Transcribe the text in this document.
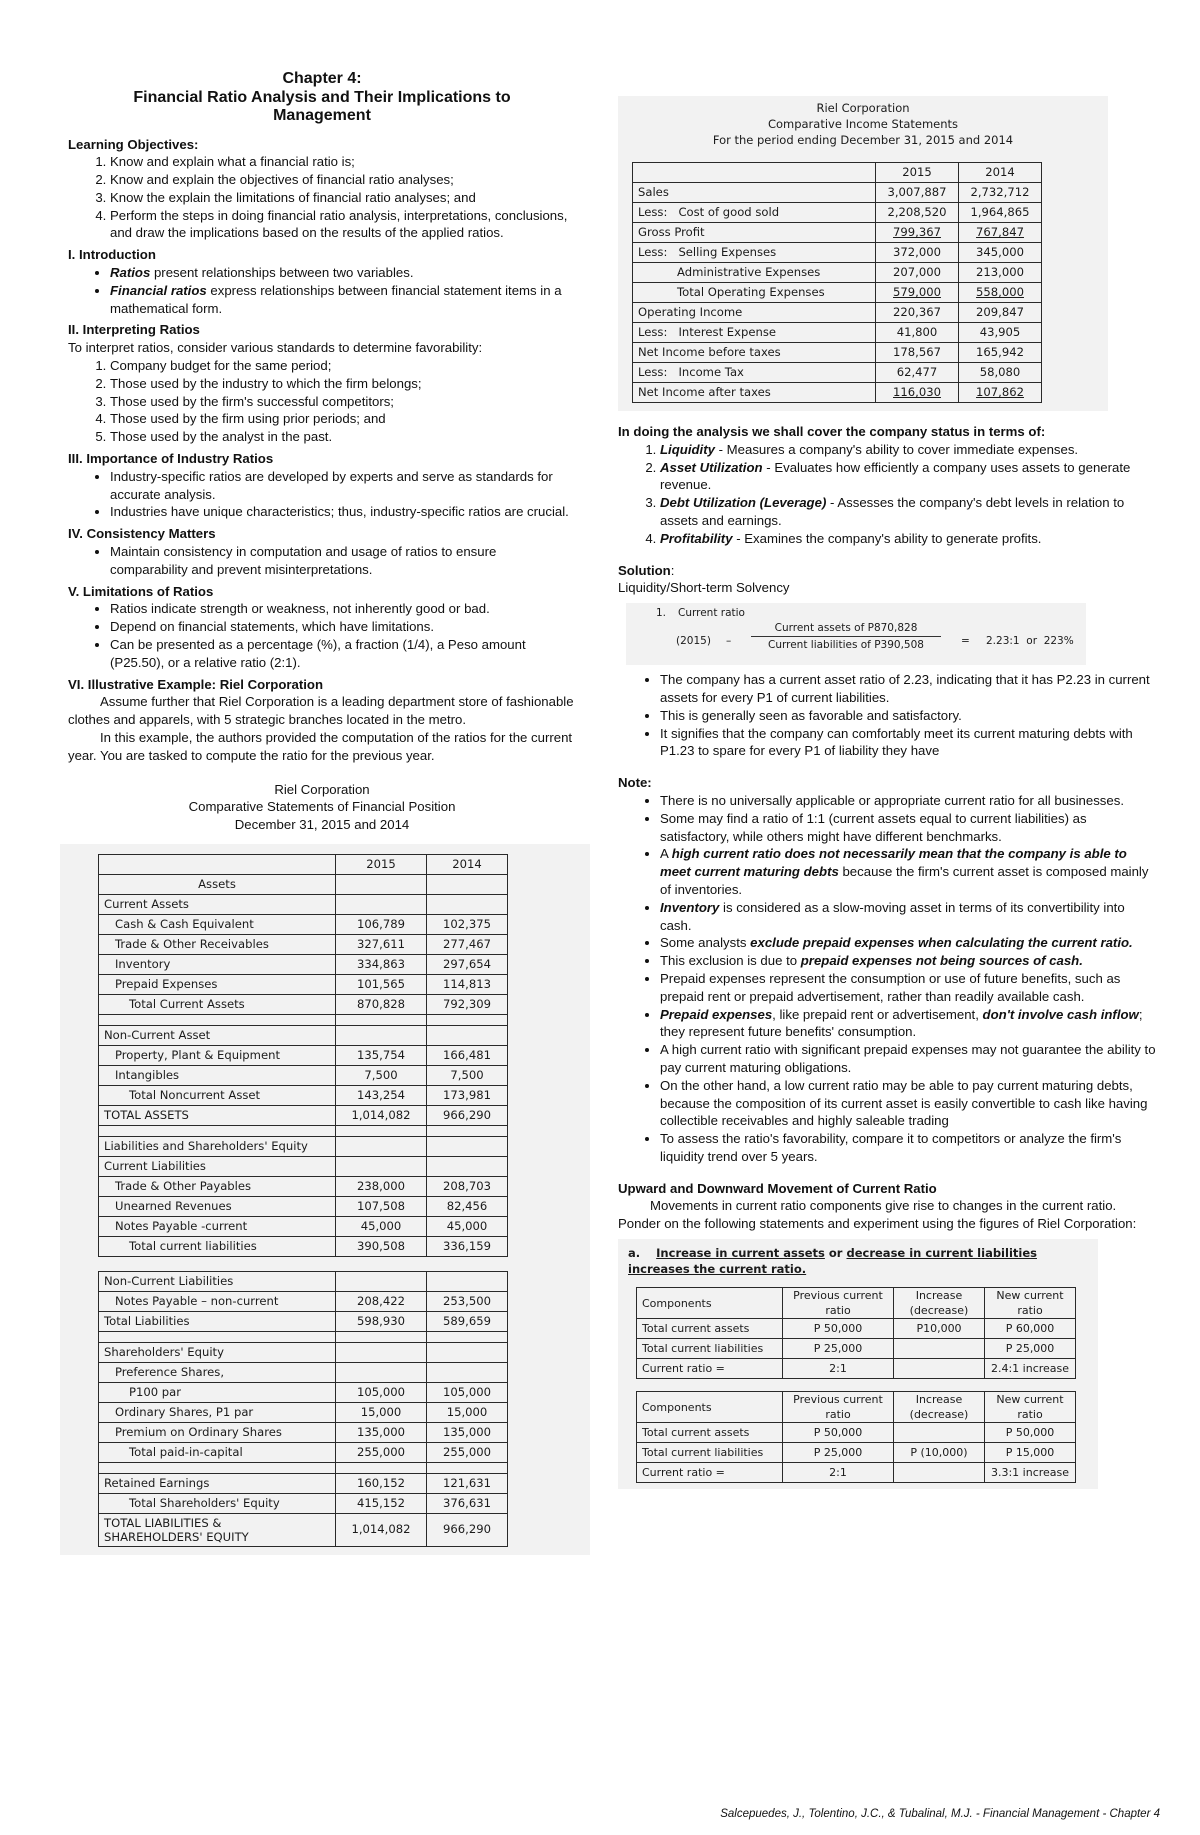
Chapter 4:
Financial Ratio Analysis and Their Implications to Management
Learning Objectives:
1. Know and explain what a financial ratio is;
2. Know and explain the objectives of financial ratio analyses;
3. Know the explain the limitations of financial ratio analyses; and
4. Perform the steps in doing financial ratio analysis, interpretations, conclusions, and draw the implications based on the results of the applied ratios.
I. Introduction
• Ratios present relationships between two variables.
• Financial ratios express relationships between financial statement items in a mathematical form.
II. Interpreting Ratios

To interpret ratios, consider various standards to determine favorability:

1. Company budget for the same period;
2. Those used by the industry to which the firm belongs;
3. Those used by the firm's successful competitors;
4. Those used by the firm using prior periods; and
5. Those used by the analyst in the past.
III. Importance of Industry Ratios
• Industry-specific ratios are developed by experts and serve as standards for accurate analysis.
• Industries have unique characteristics; thus, industry-specific ratios are crucial.
IV. Consistency Matters
• Maintain consistency in computation and usage of ratios to ensure comparability and prevent misinterpretations.
V. Limitations of Ratios
• Ratios indicate strength or weakness, not inherently good or bad.
• Depend on financial statements, which have limitations.
• Can be presented as a percentage (%), a fraction (1/4), a Peso amount (P25.50), or a relative ratio (2:1).
VI. Illustrative Example: Riel Corporation

Assume further that Riel Corporation is a leading department store of fashionable clothes and apparels, with 5 strategic branches located in the metro.

In this example, the authors provided the computation of the ratios for the current year. You are tasked to compute the ratio for the previous year.

Riel Corporation
Comparative Statements of Financial Position
December 31, 2015 and 2014
	2015	2014
Assets		
Current Assets		
Cash & Cash Equivalent	106,789	102,375
Trade & Other Receivables	327,611	277,467
Inventory	334,863	297,654
Prepaid Expenses	101,565	114,813
Total Current Assets	870,828	792,309

Non-Current Asset		
Property, Plant & Equipment	135,754	166,481
Intangibles	7,500	7,500
Total Noncurrent Asset	143,254	173,981
TOTAL ASSETS	1,014,082	966,290

Liabilities and Shareholders' Equity		
Current Liabilities		
Trade & Other Payables	238,000	208,703
Unearned Revenues	107,508	82,456
Notes Payable -current	45,000	45,000
Total current liabilities	390,508	336,159
Non-Current Liabilities		
Notes Payable – non-current	208,422	253,500
Total Liabilities	598,930	589,659

Shareholders' Equity		
Preference Shares,		
P100 par	105,000	105,000
Ordinary Shares, P1 par	15,000	15,000
Premium on Ordinary Shares	135,000	135,000
Total paid-in-capital	255,000	255,000

Retained Earnings	160,152	121,631
Total Shareholders' Equity	415,152	376,631

TOTAL LIABILITIES &
SHAREHOLDERS' EQUITY	1,014,082	966,290
Riel Corporation
Comparative Income Statements
For the period ending December 31, 2015 and 2014
	2015	2014
Sales	3,007,887	2,732,712
Less: Cost of good sold	2,208,520	1,964,865
Gross Profit	799,367	767,847
Less: Selling Expenses	372,000	345,000
Administrative Expenses	207,000	213,000
Total Operating Expenses	579,000	558,000
Operating Income	220,367	209,847
Less: Interest Expense	41,800	43,905
Net Income before taxes	178,567	165,942
Less: Income Tax	62,477	58,080
Net Income after taxes	116,030	107,862
In doing the analysis we shall cover the company status in terms of:
1. Liquidity - Measures a company's ability to cover immediate expenses.
2. Asset Utilization - Evaluates how efficiently a company uses assets to generate revenue.
3. Debt Utilization (Leverage) - Assesses the company's debt levels in relation to assets and earnings.
4. Profitability - Examines the company's ability to generate profits.
Solution:
Liquidity/Short-term Solvency
1. Current ratio
(2015) –
Current assets of P870,828
Current liabilities of P390,508	= 2.23:1  or  223%
• The company has a current asset ratio of 2.23, indicating that it has P2.23 in current assets for every P1 of current liabilities.
• This is generally seen as favorable and satisfactory.
• It signifies that the company can comfortably meet its current maturing debts with P1.23 to spare for every P1 of liability they have
Note:
• There is no universally applicable or appropriate current ratio for all businesses.
• Some may find a ratio of 1:1 (current assets equal to current liabilities) as satisfactory, while others might have different benchmarks.
• A high current ratio does not necessarily mean that the company is able to meet current maturing debts because the firm's current asset is composed mainly of inventories.
• Inventory is considered as a slow-moving asset in terms of its convertibility into cash.
• Some analysts exclude prepaid expenses when calculating the current ratio.
• This exclusion is due to prepaid expenses not being sources of cash.
• Prepaid expenses represent the consumption or use of future benefits, such as prepaid rent or prepaid advertisement, rather than readily available cash.
• Prepaid expenses, like prepaid rent or advertisement, don't involve cash inflow; they represent future benefits' consumption.
• A high current ratio with significant prepaid expenses may not guarantee the ability to pay current maturing obligations.
• On the other hand, a low current ratio may be able to pay current maturing debts, because the composition of its current asset is easily convertible to cash like having collectible receivables and highly saleable trading
• To assess the ratio's favorability, compare it to competitors or analyze the firm's liquidity trend over 5 years.
Upward and Downward Movement of Current Ratio

Movements in current ratio components give rise to changes in the current ratio. Ponder on the following statements and experiment using the figures of Riel Corporation:

a. Increase in current assets or decrease in current liabilities increases the current ratio.
Components	Previous current ratio	Increase (decrease)	New current ratio
Total current assets	P 50,000	P10,000	P 60,000
Total current liabilities	P 25,000		P 25,000
Current ratio =	2:1		2.4:1 increase
Components	Previous current ratio	Increase (decrease)	New current ratio
Total current assets	P 50,000		P 50,000
Total current liabilities	P 25,000	P (10,000)	P 15,000
Current ratio =	2:1		3.3:1 increase
Salcepuedes, J., Tolentino, J.C., & Tubalinal, M.J. - Financial Management - Chapter 4
